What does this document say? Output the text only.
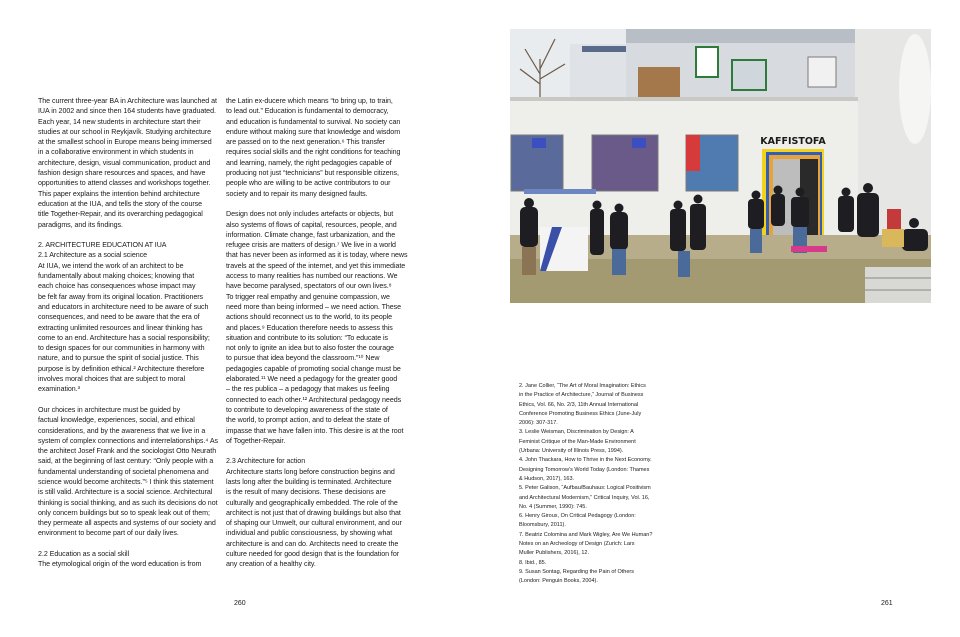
The current three-year BA in Architecture was launched at
IUA in 2002 and since then 164 students have graduated.
Each year, 14 new students in architecture start their
studies at our school in Reykjavík. Studying architecture
at the smallest school in Europe means being immersed
in a collaborative environment in which students in
architecture, design, visual communication, product and
fashion design share resources and spaces, and have
opportunities to attend classes and workshops together.
This paper explains the intention behind architecture
education at the IUA, and tells the story of the course
title Together-Repair, and its overarching pedagogical
paradigms, and its findings.
2. ARCHITECTURE EDUCATION AT IUA
2.1 Architecture as a social science
At IUA, we intend the work of an architect to be
fundamentally about making choices; knowing that
each choice has consequences whose impact may
be felt far away from its original location. Practitioners
and educators in architecture need to be aware of such
consequences, and need to be aware that the era of
extracting unlimited resources and linear thinking has
come to an end. Architecture has a social responsibility;
to design spaces for our communities in harmony with
nature, and to pursue the spirit of social justice. This
purpose is by definition ethical.² Architecture therefore
involves moral choices that are subject to moral
examination.³
Our choices in architecture must be guided by
factual knowledge, experiences, social, and ethical
considerations, and by the awareness that we live in a
system of complex connections and interrelationships.⁴ As
the architect Josef Frank and the sociologist Otto Neurath
said, at the beginning of last century: “Only people with a
fundamental understanding of societal phenomena and
science would become architects.”⁵ I think this statement
is still valid. Architecture is a social science. Architectural
thinking is social thinking, and as such its decisions do not
only concern buildings but so to speak leak out of them;
they permeate all aspects and systems of our society and
environment to become part of our daily lives.
2.2 Education as a social skill
The etymological origin of the word education is from
the Latin ex-ducere which means “to bring up, to train,
to lead out.” Education is fundamental to democracy,
and education is fundamental to survival. No society can
endure without making sure that knowledge and wisdom
are passed on to the next generation.⁶ This transfer
requires social skills and the right conditions for teaching
and learning, namely, the right pedagogies capable of
producing not just “technicians” but responsible citizens,
people who are willing to be active contributors to our
society and to repair its many designed faults.
Design does not only includes artefacts or objects, but
also systems of flows of capital, resources, people, and
information. Climate change, fast urbanization, and the
refugee crisis are matters of design.⁷ We live in a world
that has never been as informed as it is today, where news
travels at the speed of the internet, and yet this immediate
access to many realities has numbed our reactions. We
have become paralysed, spectators of our own lives.⁸
To trigger real empathy and genuine compassion, we
need more than being informed – we need action. These
actions should reconnect us to the world, to its people
and places.⁹ Education therefore needs to assess this
situation and contribute to its solution: “To educate is
not only to ignite an idea but to also foster the courage
to pursue that idea beyond the classroom.”¹⁰ New
pedagogies capable of promoting social change must be
elaborated.¹¹ We need a pedagogy for the greater good
– the res publica – a pedagogy that makes us feeling
connected to each other.¹² Architectural pedagogy needs
to contribute to developing awareness of the state of
the world, to prompt action, and to defeat the state of
impasse that we have fallen into. This desire is at the root
of Together-Repair.
2.3 Architecture for action
Architecture starts long before construction begins and
lasts long after the building is terminated. Architecture
is the result of many decisions. These decisions are
culturally and geographically embedded. The role of the
architect is not just that of drawing buildings but also that
of shaping our Umwelt, our cultural environment, and our
individual and public consciousness, by showing what
architecture is and can do. Architects need to create the
culture needed for good design that is the foundation for
any creation of a healthy city.
260
KAFFISTOFA
2. Jane Collier, “The Art of Moral Imagination: Ethics
in the Practice of Architecture,” Journal of Business
Ethics, Vol. 66, No. 2/3, 11th Annual International
Conference Promoting Business Ethics (June-July
2006): 307-317.
3. Leslie Weisman, Discrimination by Design: A
Feminist Critique of the Man-Made Environment
(Urbana: University of Illinois Press, 1994).
4. John Thackara, How to Thrive in the Next Economy.
Designing Tomorrow’s World Today (London: Thames
& Hudson, 2017), 163.
5. Peter Galison, “Aufbau/Bauhaus: Logical Positivism
and Architectural Modernism,” Critical Inquiry, Vol. 16,
No. 4 (Summer, 1990): 745.
6. Henry Giroux, On Critical Pedagogy (London:
Bloomsbury, 2011).
7. Beatriz Colomina and Mark Wigley, Are We Human?
Notes on an Archeology of Design (Zurich: Lars
Muller Publishers, 2016), 12.
8. Ibid., 85.
9. Susan Sontag, Regarding the Pain of Others
(London: Penguin Books, 2004).
261
